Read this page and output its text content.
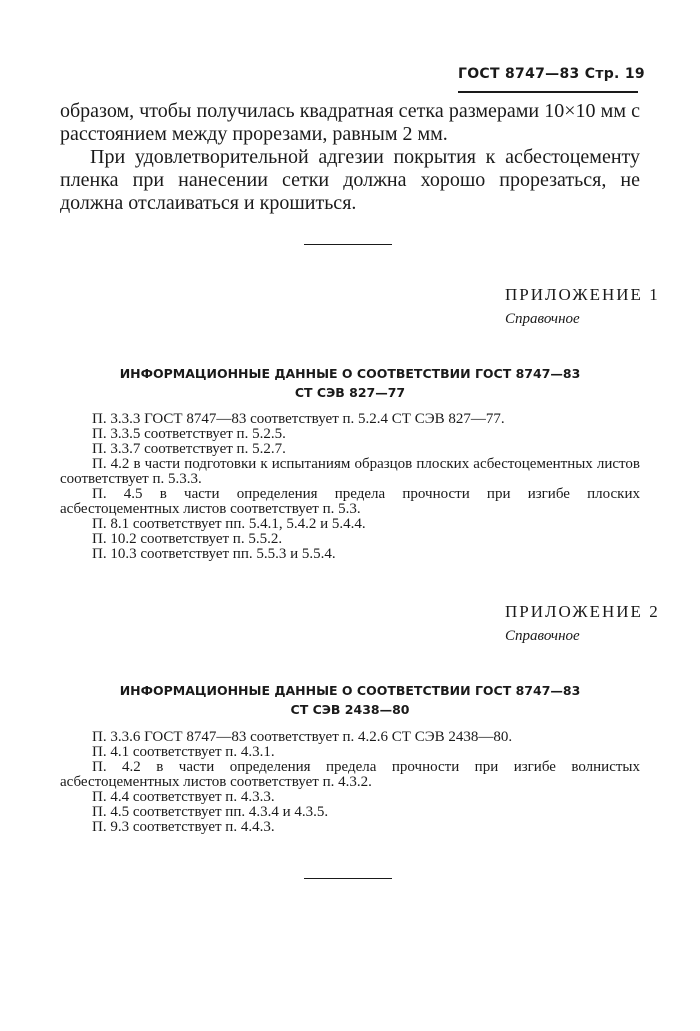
ГОСТ 8747—83 Стр. 19

образом, чтобы получилась квадратная сетка размерами 10×10 мм с расстоянием между прорезами, равным 2 мм.

При удовлетворительной адгезии покрытия к асбестоцементу пленка при нанесении сетки должна хорошо прорезаться, не должна отслаиваться и крошиться.

ПРИЛОЖЕНИЕ 1
Справочное
ИНФОРМАЦИОННЫЕ ДАННЫЕ О СООТВЕТСТВИИ ГОСТ 8747—83
СТ СЭВ 827—77

П. 3.3.3 ГОСТ 8747—83 соответствует п. 5.2.4 СТ СЭВ 827—77.

П. 3.3.5 соответствует п. 5.2.5.

П. 3.3.7 соответствует п. 5.2.7.

П. 4.2 в части подготовки к испытаниям образцов плоских асбестоцементных листов соответствует п. 5.3.3.

П. 4.5 в части определения предела прочности при изгибе плоских асбестоцементных листов соответствует п. 5.3.

П. 8.1 соответствует пп. 5.4.1, 5.4.2 и 5.4.4.

П. 10.2 соответствует п. 5.5.2.

П. 10.3 соответствует пп. 5.5.3 и 5.5.4.

ПРИЛОЖЕНИЕ 2
Справочное
ИНФОРМАЦИОННЫЕ ДАННЫЕ О СООТВЕТСТВИИ ГОСТ 8747—83
СТ СЭВ 2438—80

П. 3.3.6 ГОСТ 8747—83 соответствует п. 4.2.6 СТ СЭВ 2438—80.

П. 4.1 соответствует п. 4.3.1.

П. 4.2 в части определения предела прочности при изгибе волнистых асбестоцементных листов соответствует п. 4.3.2.

П. 4.4 соответствует п. 4.3.3.

П. 4.5 соответствует пп. 4.3.4 и 4.3.5.

П. 9.3 соответствует п. 4.4.3.
